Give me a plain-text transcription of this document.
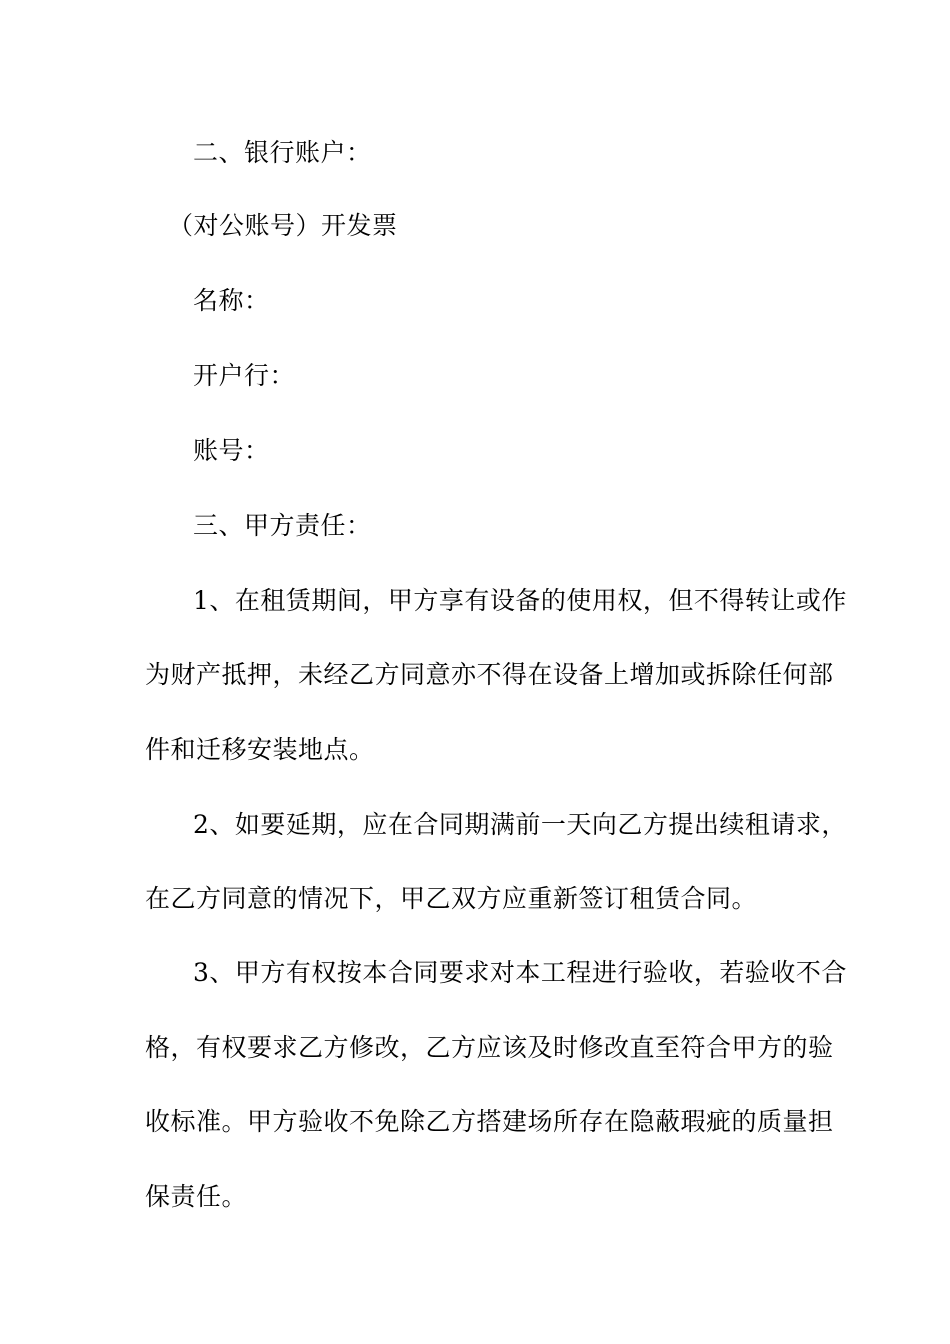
二、银行账户：
（对公账号）开发票
名称：
开户行：
账号：
三、甲方责任：
1、在租赁期间，甲方享有设备的使用权，但不得转让或作
为财产抵押，未经乙方同意亦不得在设备上增加或拆除任何部
件和迁移安装地点。
2、如要延期，应在合同期满前一天向乙方提出续租请求，
在乙方同意的情况下，甲乙双方应重新签订租赁合同。
3、甲方有权按本合同要求对本工程进行验收，若验收不合
格，有权要求乙方修改，乙方应该及时修改直至符合甲方的验
收标准。甲方验收不免除乙方搭建场所存在隐蔽瑕疵的质量担
保责任。
